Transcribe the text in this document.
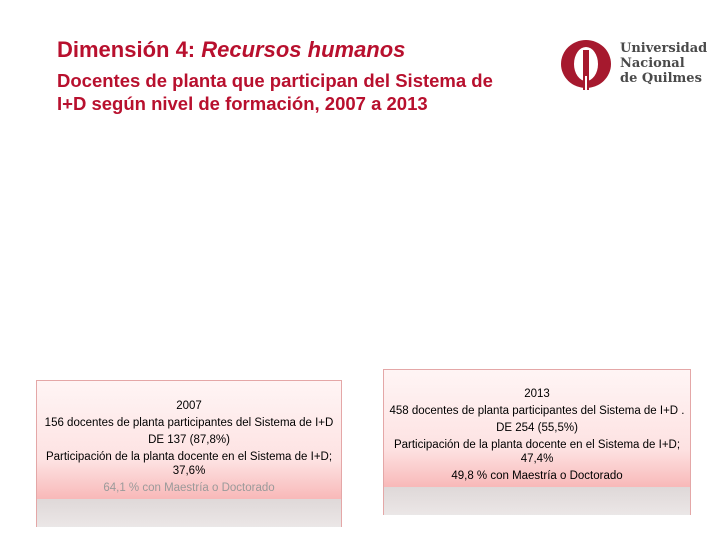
Dimensión 4: Recursos humanos
Docentes de planta que participan del Sistema de I+D según nivel de formación, 2007 a 2013
Universidad
Nacional
de Quilmes
2007
156 docentes de planta participantes del Sistema de I+D
DE 137 (87,8%)
Participación de la planta docente en el Sistema de I+D; 37,6%
64,1 % con Maestría o Doctorado
2013
458 docentes de planta participantes del Sistema de I+D .
DE 254 (55,5%)
Participación de la planta docente en el Sistema de I+D; 47,4%
49,8 % con Maestría o Doctorado
